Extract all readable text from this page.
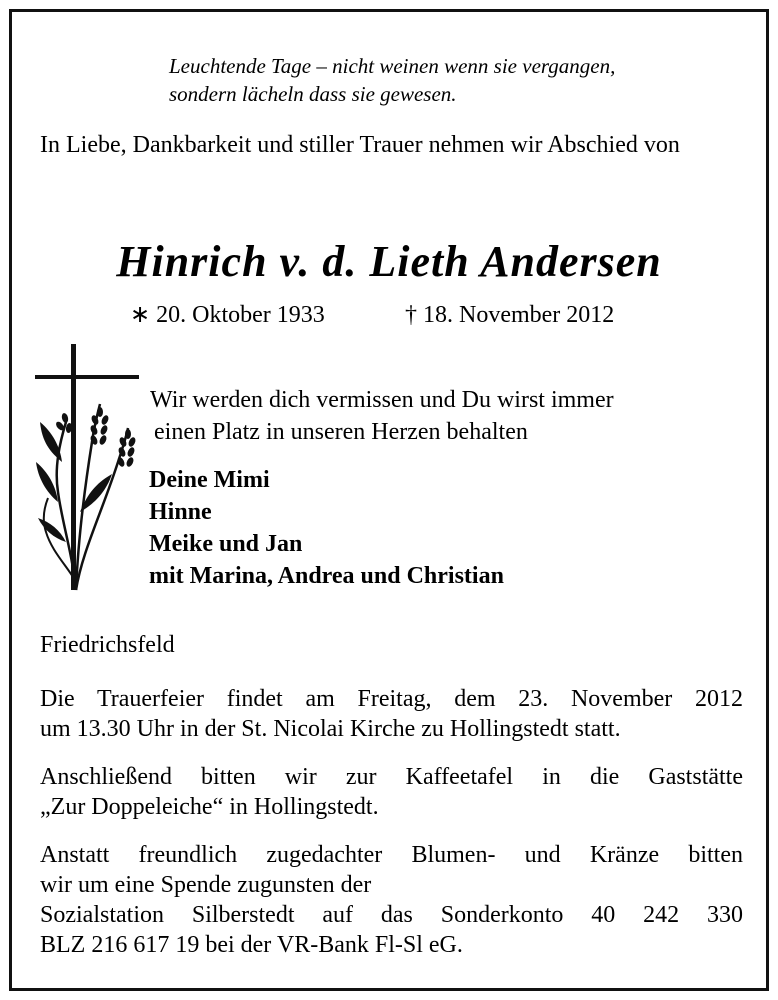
Leuchtende Tage – nicht weinen wenn sie vergangen,
sondern lächeln dass sie gewesen.
In Liebe, Dankbarkeit und stiller Trauer nehmen wir Abschied von
Hinrich v. d. Lieth Andersen
∗ 20. Oktober 1933	† 18. November 2012
Wir werden dich vermissen und Du wirst immer
einen Platz in unseren Herzen behalten
Deine Mimi
Hinne
Meike und Jan
mit Marina, Andrea und Christian
Friedrichsfeld
Die Trauerfeier findet am Freitag, dem 23. November 2012
um 13.30 Uhr in der St. Nicolai Kirche zu Hollingstedt statt.
Anschließend bitten wir zur Kaffeetafel in die Gaststätte
„Zur Doppeleiche“ in Hollingstedt.
Anstatt freundlich zugedachter Blumen- und Kränze bitten
wir um eine Spende zugunsten der
Sozialstation Silberstedt auf das Sonderkonto 40 242 330
BLZ 216 617 19 bei der VR-Bank Fl-Sl eG.
